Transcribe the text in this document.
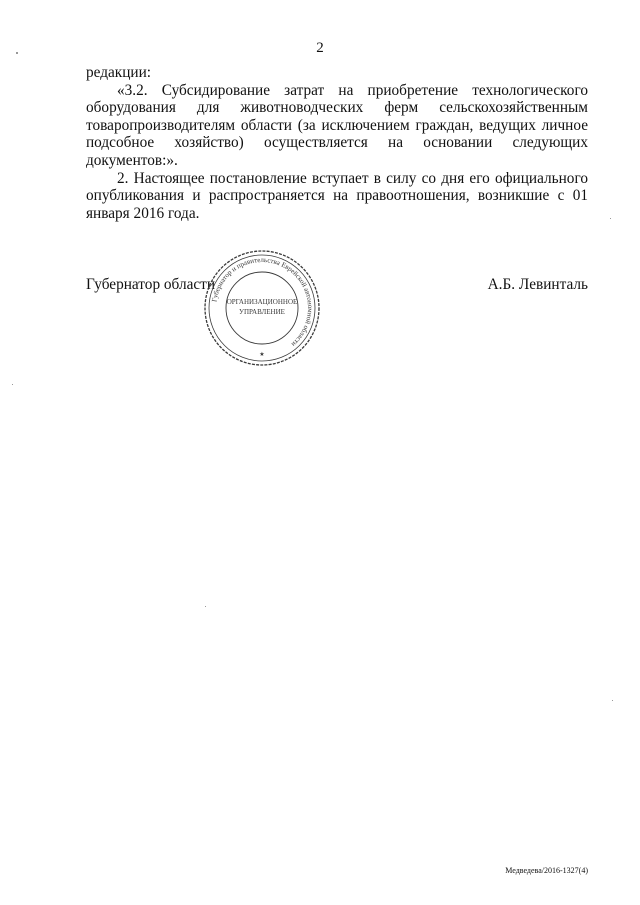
2

редакции:

«3.2. Субсидирование затрат на приобретение технологического оборудования для животноводческих ферм сельскохозяйственным товаропроизводителям области (за исключением граждан, ведущих личное подсобное хозяйство) осуществляется на основании следующих документов:».

2. Настоящее постановление вступает в силу со дня его официального опубликования и распространяется на правоотношения, возникшие с 01 января 2016 года.

Губернатор области	А.Б. Левинталь
Губернатор и правительства Еврейской автономной области
ОРГАНИЗАЦИОННОЕ
УПРАВЛЕНИЕ
★
Медведева/2016-1327(4)
